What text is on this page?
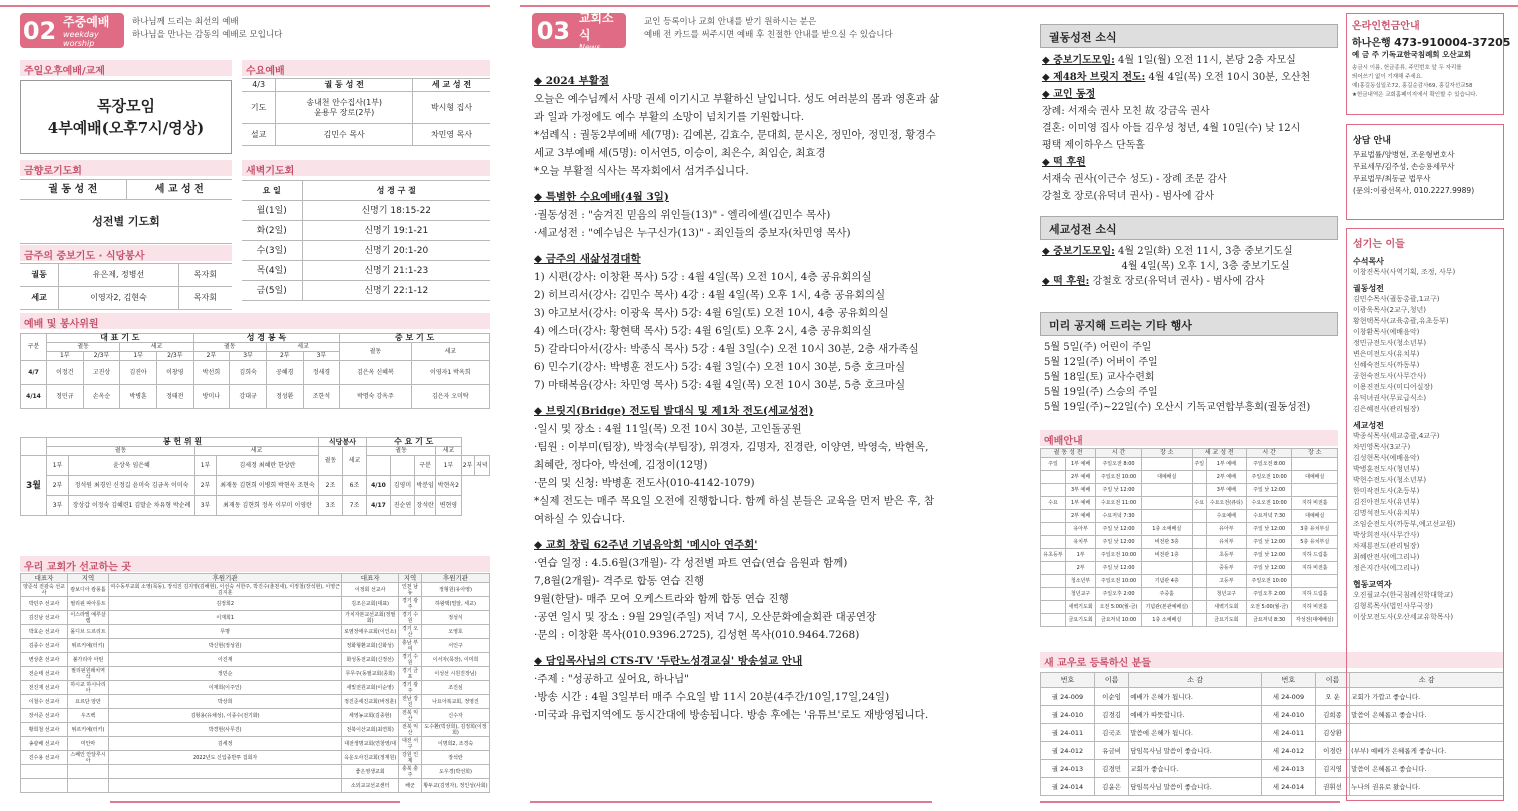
02 주중예배
weekday worship
하나님께 드리는 최선의 예배
하나님을 만나는 감동의 예배로 모입니다
주일오후예배/교제
목장모임
4부예배(오후7시/영상)
수요예배
4/3	궐 동 성 전	세 교 성 전
기도	송내천 안수집사(1부)
윤용무 장로(2부)	박시형 집사
설교	김민수 목사	차민영 목사
금향로기도회
궐 동 성 전	세 교 성 전
성전별 기도회
새벽기도회
요 일	성 경 구 절
월(1일)	신명기 18:15-22
화(2일)	신명기 19:1-21
수(3일)	신명기 20:1-20
목(4일)	신명기 21:1-23
금(5일)	신명기 22:1-12
금주의 중보기도 · 식당봉사
궐동	유은제, 정병선	목자회
세교	이영자2, 김현숙	목자회
예배 및 봉사위원
구분	대 표 기 도				성 경 봉 독				중 보 기 도	
	궐동		세교		궐동		세교		궐동	세교
	1부	2/3부	1부	2/3부	2부	3부	2부	3부		
4/7	이정건	고진상	김진아	이창영	박선희	김희숙	공혜경	정세경	김은옥 신혜복	이영자1 박옥희
4/14	정민규	손옥순	박병훈	정태전	방미나	강대규	정성환	조한석	박명숙 강옥주	김은자 오미탁
	봉 헌 위 원				식당봉사		수 요 기 도					
	궐동		세교		궐동	세교	궐동			세교		
3월	1부	윤상욱 임은혜	1부	김세정 최혜란 한상란					구분	1부	2부	저녁
	2부	정석원 최경인 신정길 윤미숙 김금옥 이미숙	2부	최재동 김현희 이병희 박현옥 조현숙	2조	6조	4/10	김영미	박분임	박현옥2		
	3부	장상갑 이정숙 김혜련1 김말순 차유형 박순례	3부	최재동 김현희 정옥 이부미 이영란	3조	7조	4/17	진순연	장석란	변현영		
우리 교회가 선교하는 곳
대표자	지역	후원기관	대표자	지역	후원기관
양준석 전광숙 선교사	캄보디아 캄퐁톰	여수동부교회 소영(목동), 장석진 김지영(김해현), 이선숙 서한주, 박진수(춘천새), 이정철(장석현), 이영근 김지훈	이정회 선교사	인천 남동	정형원(유아영)
박민주 선교사	필리핀 따아룽트	김정희2	김조은교회(대표)	경기 광주	하왕택(밀알, 세교)
김진남 선교사	이스라엘 예루살렘	이재희1	가치자본교선교회(정필회)	경기 수원	정성식
박효순 선교사	몰디브 드르리트	무명	로염장애우교회(이인소)	경기 오산	오영호
김종수 선교사	튀르키예(터키)	박신현(정성원)	정화형환교회(신화성)	충남 부여	서인구
변상훈 선교사	불가리아 아틴	이진재	화성동전교회(신정선)	경기 수원	이서자(목장), 이미희
전순태 선교사	필리핀원례치역삭	정민순	무무주(동필교회(종희)	경기 금포	이성선 시원진장님)
전진재 선교사	하시교 하시나리아	이재희(이주인)	새빛전원교회(이순영)	경기 광주	조진심
이철수 선교사	요르단 암만	박상희	정진준세진교회(바정훈)	전남 강진	나요아복교회, 정영진
장서준 선교사	우즈벡	김형용(유채성), 이종수(전기화)	세영농교회(김종현)	전북 익산	신수자
황희철 선교사	튀르키예(터키)	박경현(사무진)	전북이산교회(최연희)	전북 익산	도수환(빅상희), 김정희(이정희)
송광배 선교사	미안마	김세정	대전생명교회(연창영/대	대전 서구	이명희2, 조경숙
진수용 선교사	스페인 안달루시아	2022년도 신입종반투 집회자	옥운오사진교회(정재원)	강원 인제	장석란
			좋은영생교회	충북 충주	도우경(박선희)
			소외교교선교센터	해군	황두교(김영자), 정인성(사회)
03 교회소식
News
교인 등록이나 교회 안내를 받기 원하시는 분은
예배 전 카드를 써주시면 예배 후 친절한 안내를 받으실 수 있습니다

◆ 2024 부활절

오늘은 예수님께서 사망 권세 이기시고 부활하신 날입니다. 성도 여러분의 몸과 영혼과 삶

과 일과 가정에도 예수 부활의 소망이 넘치기를 기원합니다.

*섬례식 : 궐동2부예배 세(7명): 김예본, 김효수, 문대희, 문시온, 정민아, 정민정, 황경수

세교 3부예배 세(5명): 이서연5, 이승이, 최은수, 최임순, 최효경

*오늘 부활절 식사는 목자회에서 섬겨주십니다.

◆ 특별한 수요예배(4월 3일)

·궐동성전 : "숨겨진 믿음의 위인들(13)" - 엘리에셀(김민수 목사)

·세교성전 : "예수님은 누구신가(13)" - 죄인들의 중보자(차민영 목사)

◆ 금주의 새삶성경대학

1) 시편(강사: 이창환 목사) 5강 : 4월 4일(목) 오전 10시, 4층 공유회의실

2) 히브리서(강사: 김민수 목사) 4강 : 4월 4일(목) 오후 1시, 4층 공유회의실

3) 야고보서(강사: 이광욱 목사) 5강: 4월 6일(토) 오전 10시, 4층 공유회의실

4) 에스더(강사: 황현택 목사) 5강: 4월 6일(토) 오후 2시, 4층 공유회의실

5) 갈라디아서(강사: 박종식 목사) 5강 : 4월 3일(수) 오전 10시 30분, 2층 새가족실

6) 민수기(강사: 박병훈 전도사) 5강: 4월 3일(수) 오전 10시 30분, 5층 호크마실

7) 마태복음(강사: 차민영 목사) 5강: 4월 4일(목) 오전 10시 30분, 5층 호크마실

◆ 브릿지(Bridge) 전도팀 발대식 및 제1차 전도(세교성전)

·일시 및 장소 : 4월 11일(목) 오전 10시 30분, 고인돌공원

·팀원 : 이부미(팀장), 박정숙(부팀장), 위경자, 김명자, 진경란, 이양연, 박영숙, 박현옥,

최혜란, 정다아, 박선예, 김정이(12명)

·문의 및 신청: 박병훈 전도사(010-4142-1079)

*실제 전도는 매주 목요일 오전에 진행합니다. 함께 하실 분들은 교육을 먼저 받은 후, 참

여하실 수 있습니다.

◆ 교회 창립 62주년 기념음악회 '메시아 연주회'

·연습 일정 : 4.5.6월(3개월)- 각 성전별 파트 연습(연습 음원과 함께)

7,8월(2개월)- 격주로 합동 연습 진행

9월(한달)- 매주 모여 오케스트라와 함께 합동 연습 진행

·공연 일시 및 장소 : 9월 29일(주일) 저녁 7시, 오산문화예술회관 대공연장

·문의 : 이창환 목사(010.9396.2725), 김성현 목사(010.9464.7268)

◆ 담임목사님의 CTS-TV '두란노성경교실' 방송설교 안내

·주제 : "성공하고 싶어요, 하나님"

·방송 시간 : 4월 3일부터 매주 수요일 밤 11시 20분(4주간/10일,17일,24일)

·미국과 유럽지역에도 동시간대에 방송됩니다. 방송 후에는 '유튜브'로도 재방영됩니다.

궐동성전 소식

◆ 중보기도모임: 4월 1일(월) 오전 11시, 본당 2층 자모실

◆ 제48차 브릿지 전도: 4월 4일(목) 오전 10시 30분, 오산천

◆ 교인 동정

장례: 서재숙 권사 모친 故 강금옥 권사

결혼: 이미영 집사 아들 김우성 청년, 4월 10일(수) 낮 12시

평택 제이하우스 단독홀

◆ 떡 후원

서재숙 권사(이근수 성도) - 장례 조문 감사

강철호 장로(유덕녀 권사) - 범사에 감사

세교성전 소식

◆ 중보기도모임: 4월 2일(화) 오전 11시, 3층 중보기도실

4월 4일(목) 오후 1시, 3층 중보기도실

◆ 떡 후원: 강철호 장로(유덕녀 권사) - 범사에 감사

미리 공지해 드리는 기타 행사

5월 5일(주) 어린이 주일

5월 12일(주) 어버이 주일

5월 18일(토) 교사수련회

5월 19일(주) 스승의 주일

5월 19일(주)~22일(수) 오산시 기독교연합부흥회(궐동성전)

예배안내
궐 동 성 전		시 간	장 소	세 교 성 전		시 간	장 소
주일	1부 예배	주일오전 8:00		주일	1부 예배	주일오전 8:00	
	2부 예배	주일오전 10:00	대예배실		2부 예배	주일오전 10:00	대예배실
	3부 예배	주일 낮 12:00			3부 예배	주일 낮 12:00	
수요	1부 예배	수요오전 11:00		수요	수요오전(큐티)	수요오전 10:00	지하 비전홀
	2부 예배	수요저녁 7:30			수요예배	수요저녁 7:30	대예배실
	유아부	주일 낮 12:00	1층 소예배실		유아부	주일 낮 12:00	3층 유치부실
	유치부	주일 낮 12:00	비전관 3층		유치부	주일 낮 12:00	5층 유치부실
유초등부	1부	주일오전 10:00	비전관 1층		초등부	주일 낮 12:00	지하 드림홀
	2부	주일 낮 12:00			중등부	주일 낮 12:00	지하 비전홀
	청소년부	주일오전 10:00	기념관 4층		고등부	주일오전 10:00	
	청년교구	주일오후 2:00	주중홀		청년교구	주일오후 2:00	지하 드림홀
	새벽기도회	오전 5:00(월-금)	기념관(본관예배실)		새벽기도회	오전 5:00(월-금)	지하 비전홀
	금요기도회	금요저녁 10:00	1층 소예배실		금요기도회	금요저녁 8:30	각성전(대예배실)
새 교우로 등록하신 분들
번호	이름	소 감	번호	이름	소 감
궐 24-009	이순임	예배가 은혜가 됩니다.	세 24-009	오 운	교회가 가깝고 좋습니다.
궐 24-010	김경김	예배가 따뜻합니다.	세 24-010	김희종	말씀이 은혜롭고 좋습니다.
궐 24-011	김국조	말씀에 은혜가 됩니다.	세 24-011	김상환	
궐 24-012	유금비	담임목사님 말씀이 좋습니다.	세 24-012	이경란	(부부) 예배가 은혜롭게 좋습니다.
궐 24-013	김경민	교회가 좋습니다.	세 24-013	김지영	말씀이 은혜롭고 좋습니다.
궐 24-014	김윤은	담임목사님 말씀이 좋습니다.	세 24-014	권휘선	누나의 권유로 왔습니다.
온라인헌금안내
하나은행 473-910004-37205
예 금 주 기독교한국침례회 오산교회
송금시 이름, 헌금종류, 주민번호 앞 두 자리를
띄어쓰기 없이 기재해 주세요.
예)홍길동십일조72, 홍길순감사69, 홍길자선교58
★헌금내역은 교회홈페이지에서 확인할 수 있습니다.
상담 안내
무료법률/양병현, 조운형변호사
무료세무/김주성, 손승용세무사
무료법무/최동균 법무사
(문의:이광선목사, 010.2227.9989)
섬기는 이들
수석목사
이창진목사(사역기획, 조정, 사무)
궐동성전
김민수목사(궐동총괄,1교구)
이광욱목사(2교구,청년)
황현택목사(교육총괄,유초등부)
이창환목사(예배음악)
정민규전도사(청소년부)
변은미전도사(유치부)
신혜숙전도사(까동부)
공현숙전도사(사무간사)
이용진전도사(미디어실장)
유덕녀권사(무료급식소)
김은혜전사(관리팀장)
세교성전
박종식목사(세교총괄,4교구)
차민영목사(3교구)
김성현목사(예배음악)
박병훈전도사(청년부)
박현수전도사(청소년부)
한미작전도사(초등부)
김진아전도사(유년부)
김명석전도사(유치부)
조임순전도사(까동부,예고선교원)
박상희전사(사무간사)
차재룡전도(관리팀장)
최혜란전사(에그리나)
정은지간사(에그리나)
협동교역자
오진필교수(한국침례신학대학교)
김형록목사(법인사무국장)
이상모전도사(오산세교유학목사)
